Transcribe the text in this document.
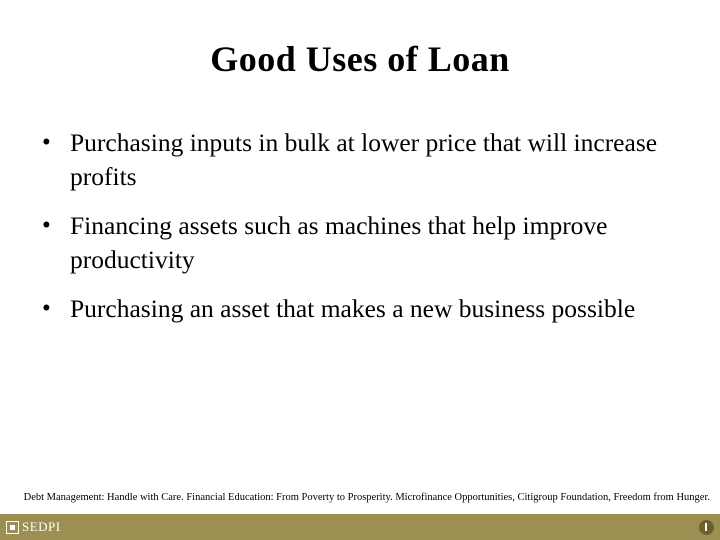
Good Uses of Loan
• Purchasing inputs in bulk at lower price that will increase profits
• Financing assets such as machines that help improve productivity
• Purchasing an asset that makes a new business possible
Debt Management: Handle with Care. Financial Education: From Poverty to Prosperity. Microfinance Opportunities, Citigroup Foundation, Freedom from Hunger.
SEDPI
